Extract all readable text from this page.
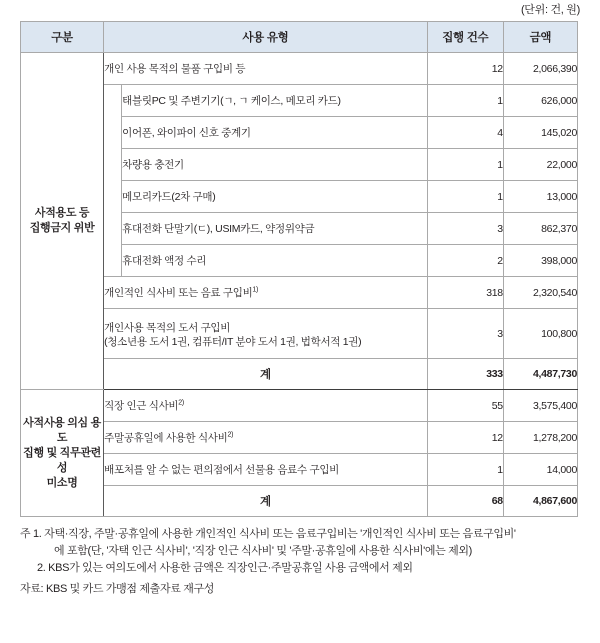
(단위: 건, 원)
구분	사용 유형		집행 건수	금액
사적용도 등
집행금지 위반	개인 사용 목적의 물품 구입비 등		12	2,066,390
		태블릿PC 및 주변기기(ㄱ, ㄱ 케이스, 메모리 카드)	1	626,000
		이어폰, 와이파이 신호 중계기	4	145,020
		차량용 충전기	1	22,000
		메모리카드(2차 구매)	1	13,000
		휴대전화 단말기(ㄷ), USIM카드, 약정위약금	3	862,370
		휴대전화 액정 수리	2	398,000
	개인적인 식사비 또는 음료 구입비$^{1)}$		318	2,320,540
	개인사용 목적의 도서 구입비
(청소년용 도서 1권, 컴퓨터/IT 분야 도서 1권, 법학서적 1권)		3	100,800
	계		333	4,487,730
사적사용 의심 용도
집행 및 직무관련성
미소명	직장 인근 식사비$^{2)}$		55	3,575,400
	주말공휴일에 사용한 식사비$^{2)}$		12	1,278,200
	배포처를 알 수 없는 편의점에서 선물용 음료수 구입비		1	14,000
	계		68	4,867,600
주 1. 자택·직장, 주말·공휴일에 사용한 개인적인 식사비 또는 음료구입비는 '개인적인 식사비 또는 음료구입비'
에 포함(단, '자택 인근 식사비', '직장 인근 식사비' 및 '주말·공휴일에 사용한 식사비'에는 제외)
2. KBS가 있는 여의도에서 사용한 금액은 직장인근·주말공휴일 사용 금액에서 제외
자료: KBS 및 카드 가맹점 제출자료 재구성
